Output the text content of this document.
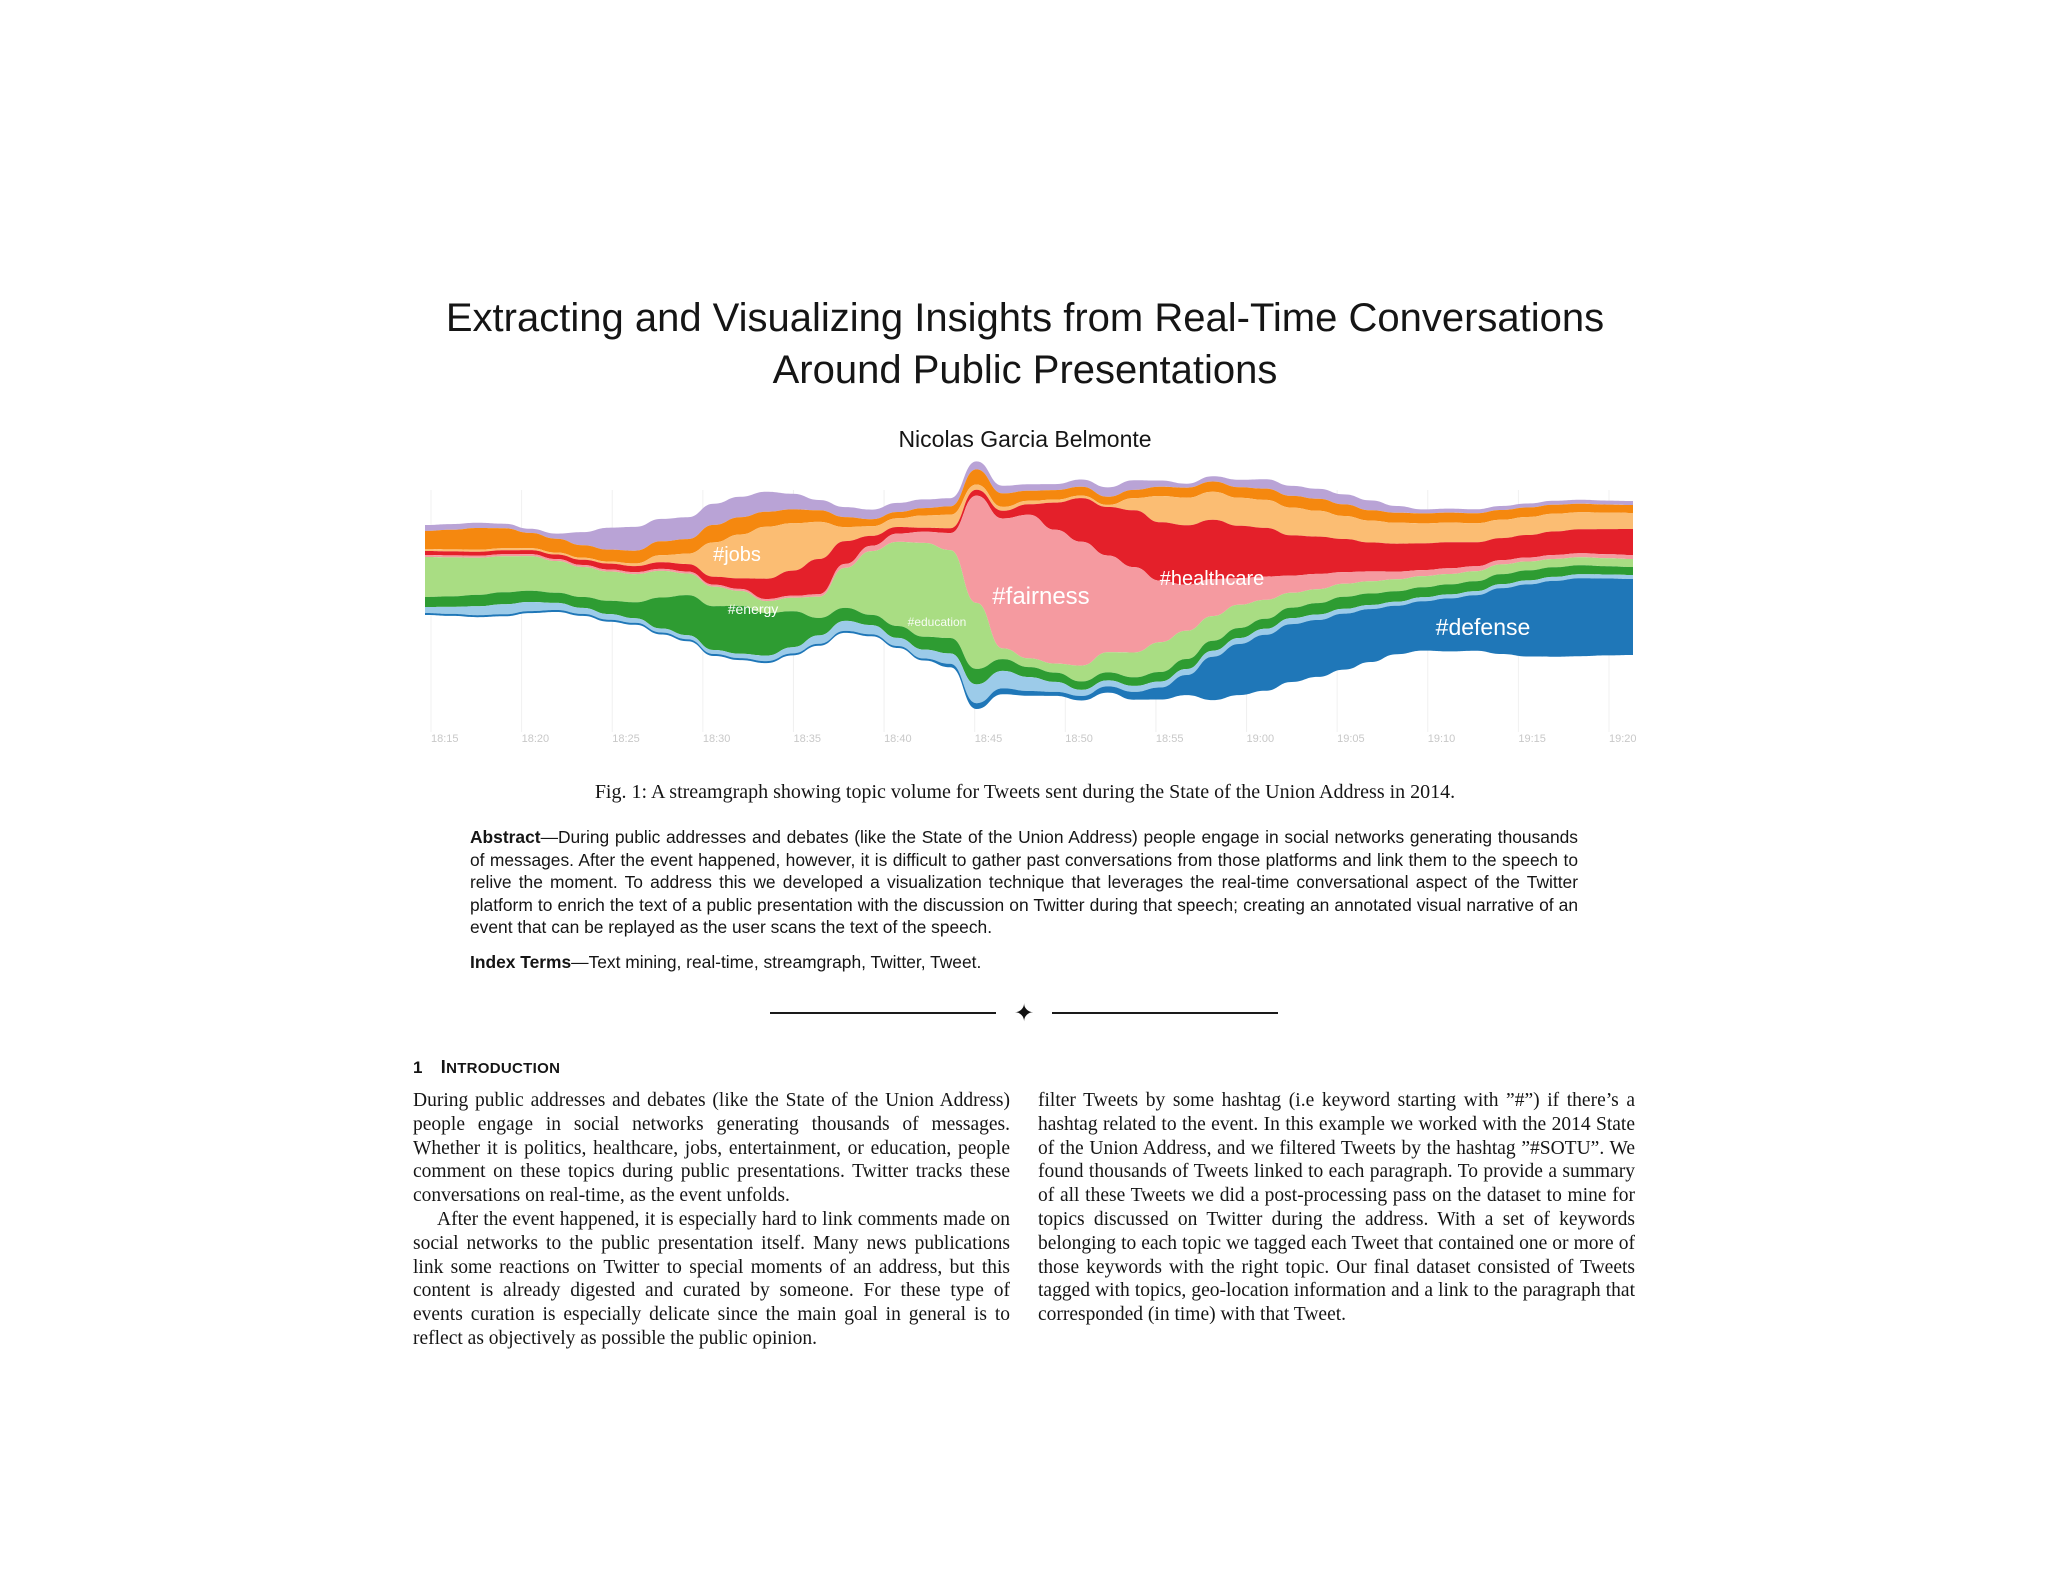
Extracting and Visualizing Insights from Real-Time Conversations
Around Public Presentations
Nicolas Garcia Belmonte
#jobs
#energy
#education
#fairness
#healthcare
#defense
18:15	18:20	18:25	18:30	18:35	18:40	18:45	18:50	18:55	19:00	19:05	19:10	19:15	19:20
Fig. 1: A streamgraph showing topic volume for Tweets sent during the State of the Union Address in 2014.
Abstract—During public addresses and debates (like the State of the Union Address) people engage in social networks generating thousands of messages. After the event happened, however, it is difficult to gather past conversations from those platforms and link them to the speech to relive the moment. To address this we developed a visualization technique that leverages the real-time conversational aspect of the Twitter platform to enrich the text of a public presentation with the discussion on Twitter during that speech; creating an annotated visual narrative of an event that can be replayed as the user scans the text of the speech.
Index Terms—Text mining, real-time, streamgraph, Twitter, Tweet.
✦
1 INTRODUCTION

During public addresses and debates (like the State of the Union Address) people engage in social networks generating thousands of messages. Whether it is politics, healthcare, jobs, entertainment, or education, people comment on these topics during public presentations. Twitter tracks these conversations on real-time, as the event unfolds.

After the event happened, it is especially hard to link comments made on social networks to the public presentation itself. Many news publications link some reactions on Twitter to special moments of an address, but this content is already digested and curated by someone. For these type of events curation is especially delicate since the main goal in general is to reflect as objectively as possible the public opinion.

filter Tweets by some hashtag (i.e keyword starting with ”#”) if there’s a hashtag related to the event. In this example we worked with the 2014 State of the Union Address, and we filtered Tweets by the hashtag ”#SOTU”. We found thousands of Tweets linked to each paragraph. To provide a summary of all these Tweets we did a post-processing pass on the dataset to mine for topics discussed on Twitter during the address. With a set of keywords belonging to each topic we tagged each Tweet that contained one or more of those keywords with the right topic. Our final dataset consisted of Tweets tagged with topics, geo-location information and a link to the paragraph that corresponded (in time) with that Tweet.
